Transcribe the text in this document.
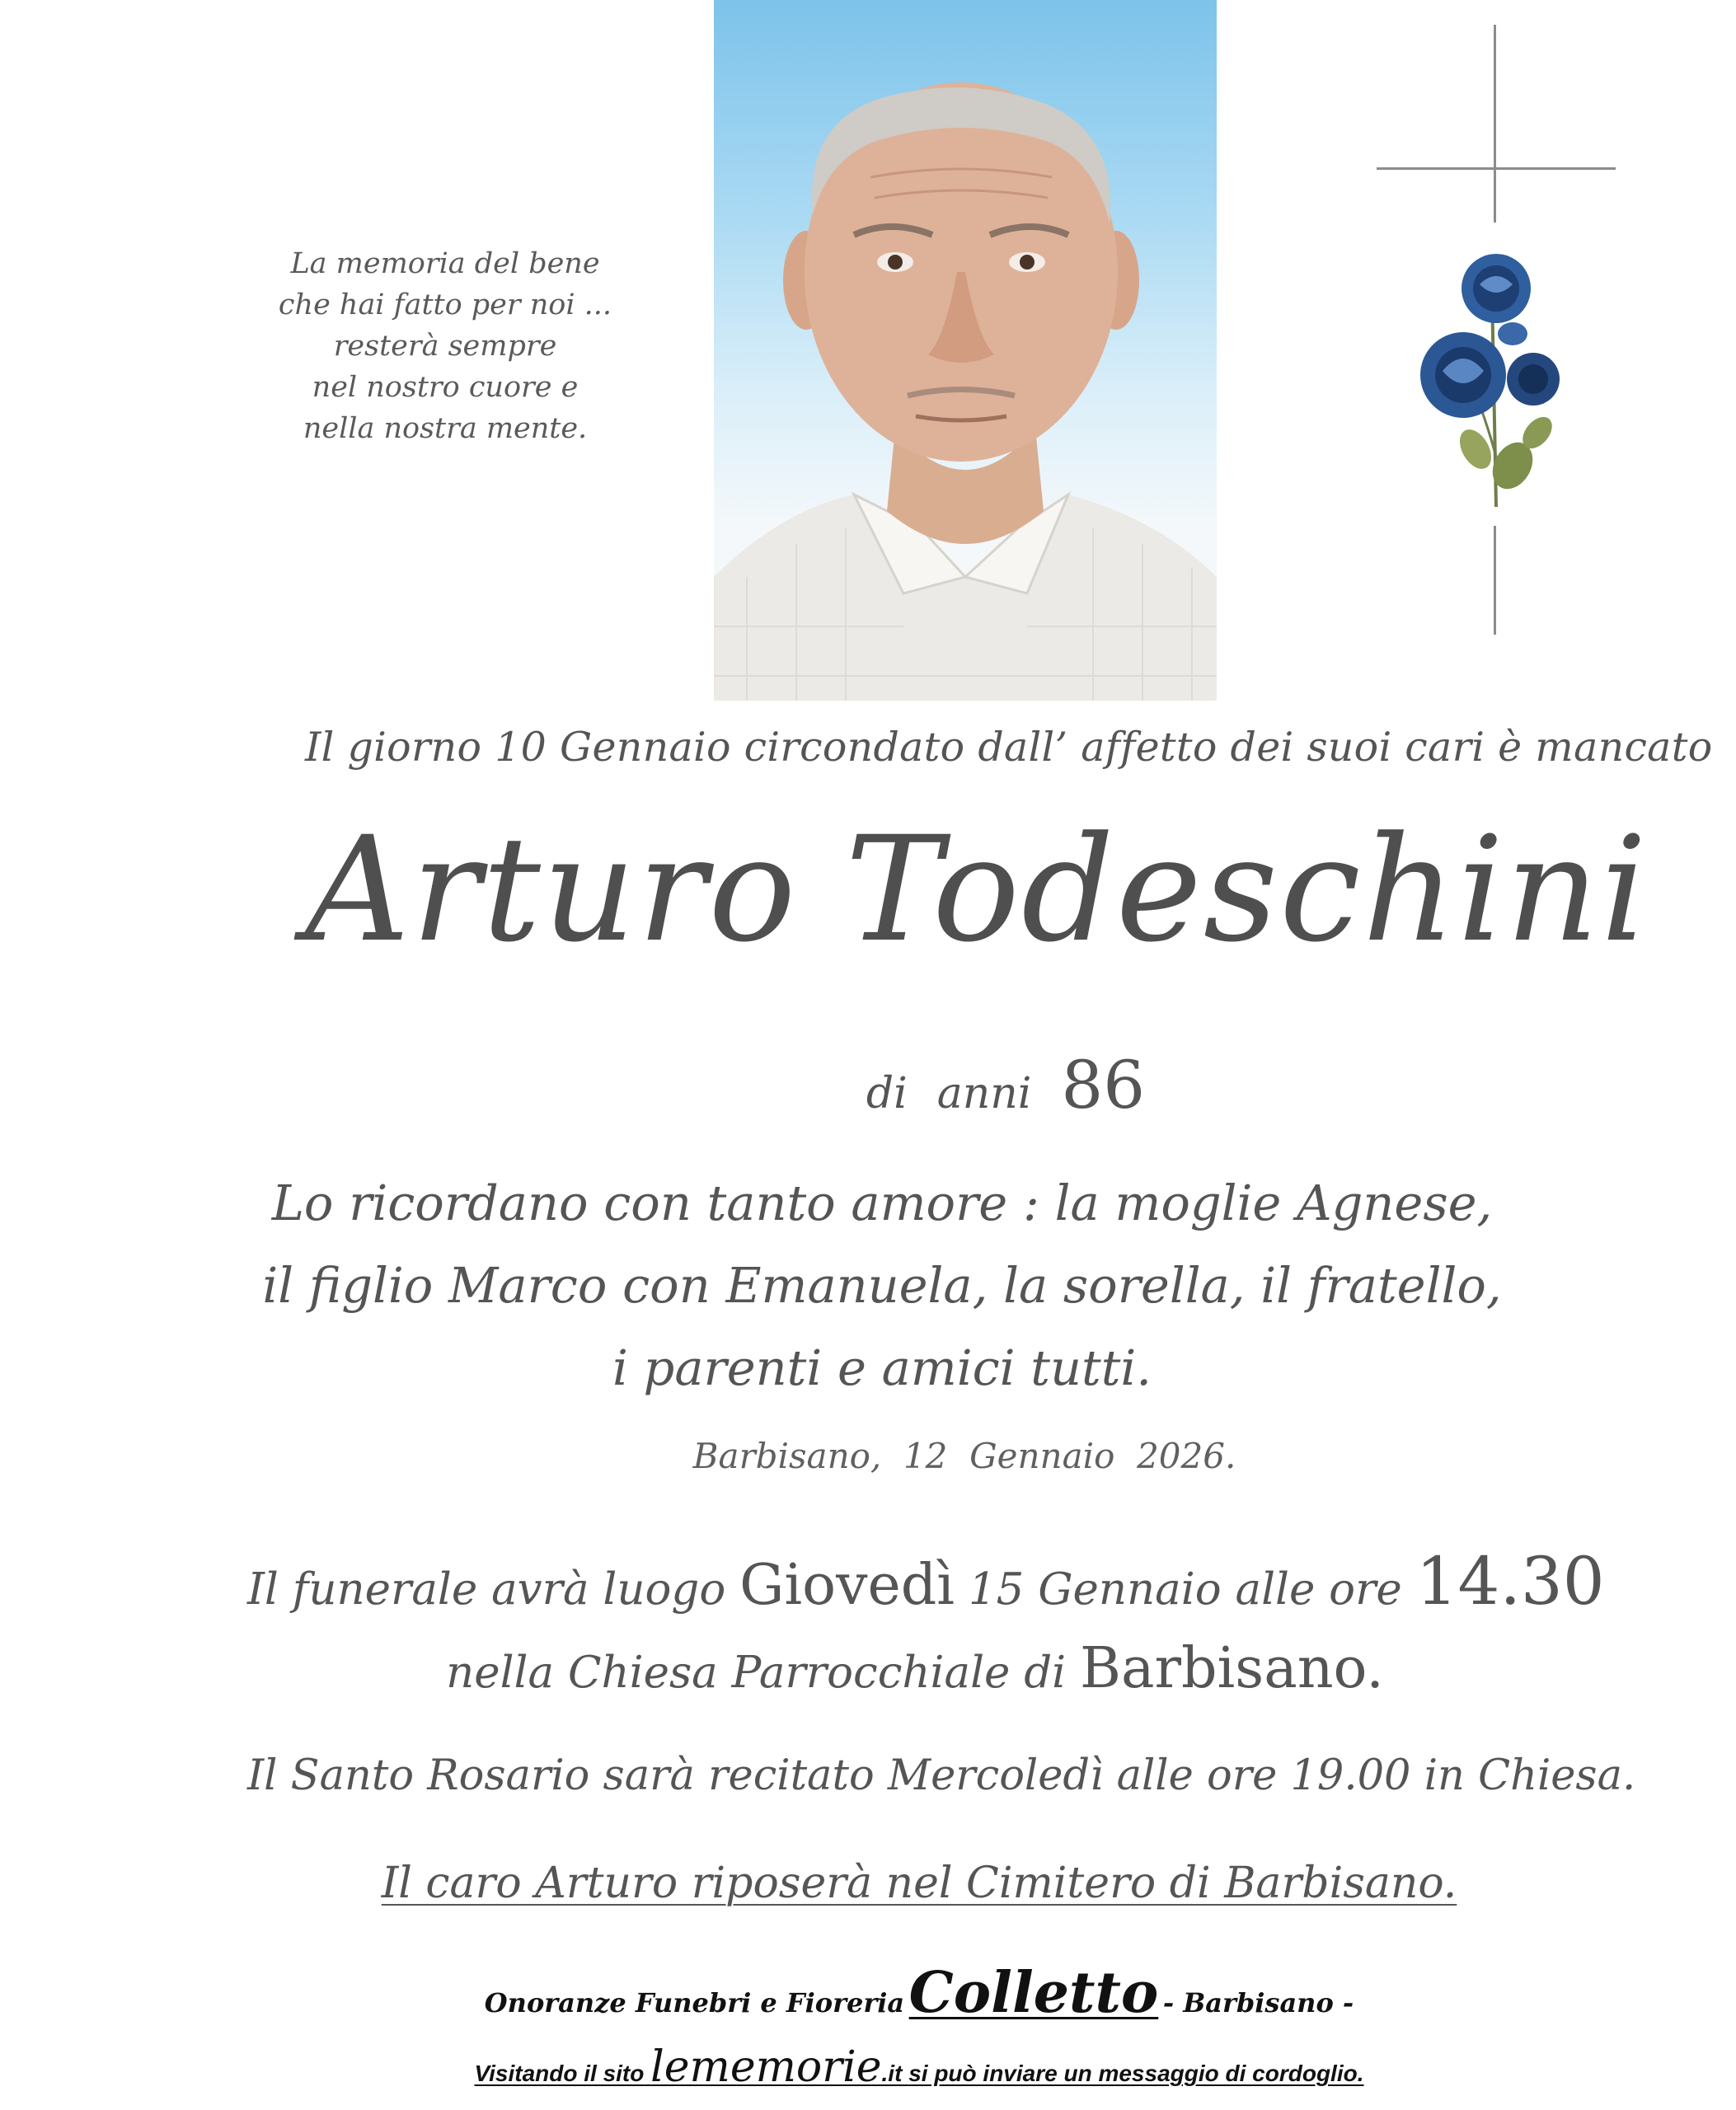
La memoria del bene
che hai fatto per noi ...
resterà sempre
nel nostro cuore e
nella nostra mente.
Il giorno 10 Gennaio circondato dall’ affetto dei suoi cari è mancato
Arturo Todeschini
di anni 86
Lo ricordano con tanto amore : la moglie Agnese,
il figlio Marco con Emanuela, la sorella, il fratello,
i parenti e amici tutti.
Barbisano,  12  Gennaio  2026.
Il funerale avrà luogo Giovedì 15 Gennaio alle ore 14.30
nella Chiesa Parrocchiale di Barbisano.
Il Santo Rosario sarà recitato Mercoledì alle ore 19.00 in Chiesa.
Il caro Arturo riposerà nel Cimitero di Barbisano.
Onoranze Funebri e Fioreria Colletto - Barbisano -
Visitando il sito lememorie.it si può inviare un messaggio di cordoglio.
